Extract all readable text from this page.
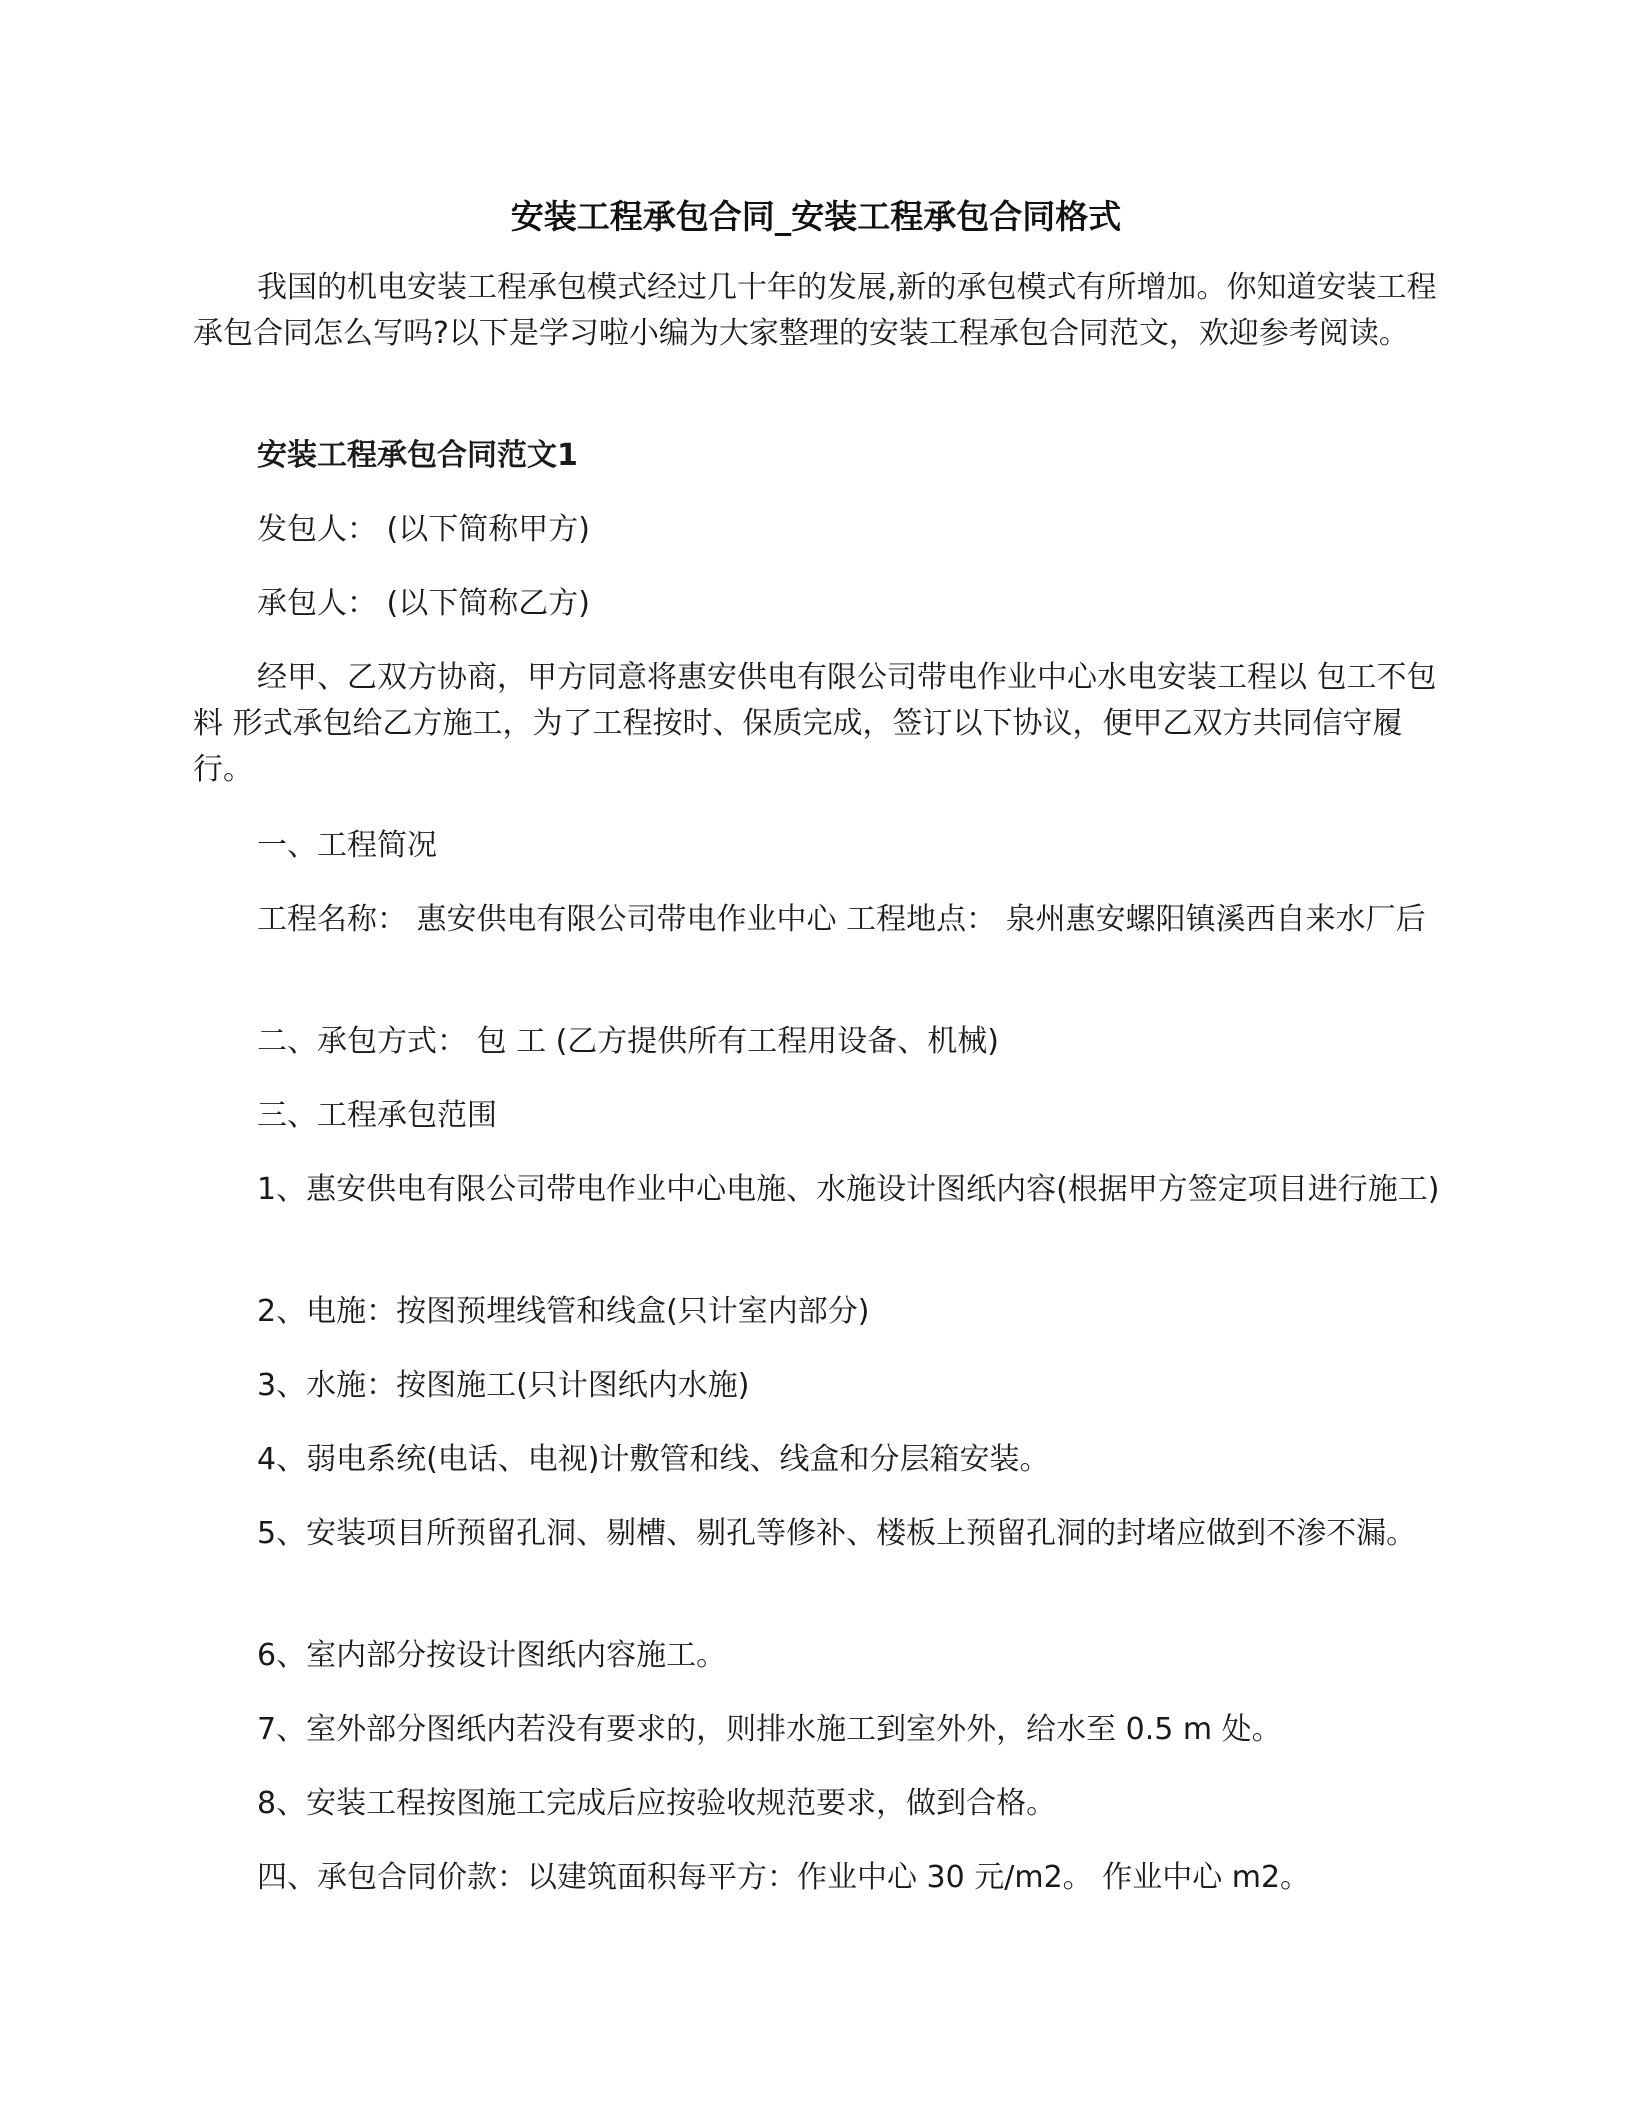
安装工程承包合同_安装工程承包合同格式

我国的机电安装工程承包模式经过几十年的发展,新的承包模式有所增加。你知道安装工程承包合同怎么写吗?以下是学习啦小编为大家整理的安装工程承包合同范文，欢迎参考阅读。

安装工程承包合同范文1

发包人： (以下简称甲方)

承包人： (以下简称乙方)

经甲、乙双方协商，甲方同意将惠安供电有限公司带电作业中心水电安装工程以 包工不包料 形式承包给乙方施工，为了工程按时、保质完成，签订以下协议，便甲乙双方共同信守履行。

一、工程简况

工程名称： 惠安供电有限公司带电作业中心 工程地点： 泉州惠安螺阳镇溪西自来水厂后

二、承包方式： 包 工 (乙方提供所有工程用设备、机械)

三、工程承包范围

1、惠安供电有限公司带电作业中心电施、水施设计图纸内容(根据甲方签定项目进行施工)

2、电施：按图预埋线管和线盒(只计室内部分)

3、水施：按图施工(只计图纸内水施)

4、弱电系统(电话、电视)计敷管和线、线盒和分层箱安装。

5、安装项目所预留孔洞、剔槽、剔孔等修补、楼板上预留孔洞的封堵应做到不渗不漏。

6、室内部分按设计图纸内容施工。

7、室外部分图纸内若没有要求的，则排水施工到室外外，给水至 0.5 m 处。

8、安装工程按图施工完成后应按验收规范要求，做到合格。

四、承包合同价款：以建筑面积每平方：作业中心 30 元/m2。 作业中心 m2。
